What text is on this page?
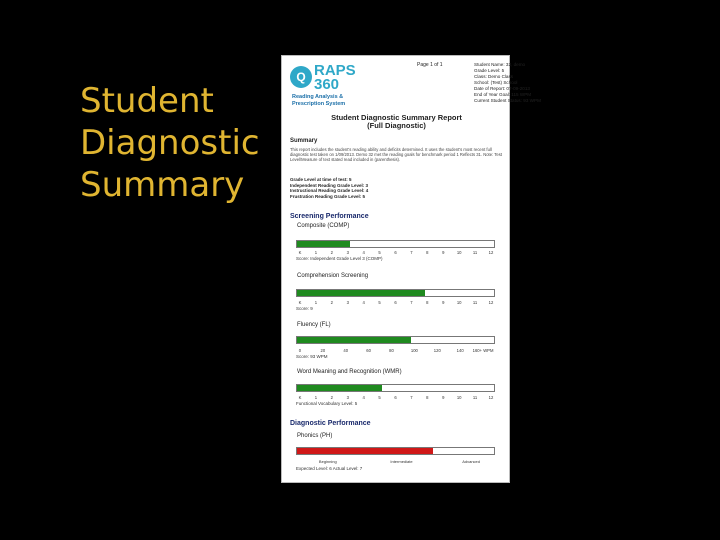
Student
Diagnostic
Summary
Q RAPS
360
Reading Analysis &
Prescription System
Page 1 of 1	Student Name: 32, demo
Grade Level: 5
Class: Demo Class
School: (Test) School
Date of Report: 07-09-2013
End of Year Goal: 115 WPM
Current Student Status: 93 WPM
Student Diagnostic Summary Report
(Full Diagnostic)
Summary
This report includes the student's reading ability and deficits determined. It uses the student's most recent full diagnostic test taken on 1/09/2013. Demo 32 met the reading goals for benchmark period 1 Reflects 31. Note: Test Level/Measure of text stated read included in (parenthesis).
Grade Level at time of test: 5
Independent Reading Grade Level: 3
Instructional Reading Grade Level: 4
Frustration Reading Grade Level: 5
Screening Performance
Composite (COMP)
K	1	2	3	4	5	6	7	8	9	10	11	12
Score: Independent Grade Level 3 (COMP)
Comprehension Screening
K	1	2	3	4	5	6	7	8	9	10	11	12
Score: 9
Fluency (FL)
0	20	40	60	80	100	120	140 160+ WPM
Score: 93 WPM
Word Meaning and Recognition (WMR)
K	1	2	3	4	5	6	7	8	9	10	11	12
Functional Vocabulary Level: 5
Diagnostic Performance
Phonics (PH)
Beginning	Intermediate	Advanced
Expected Level: 6 Actual Level: 7
